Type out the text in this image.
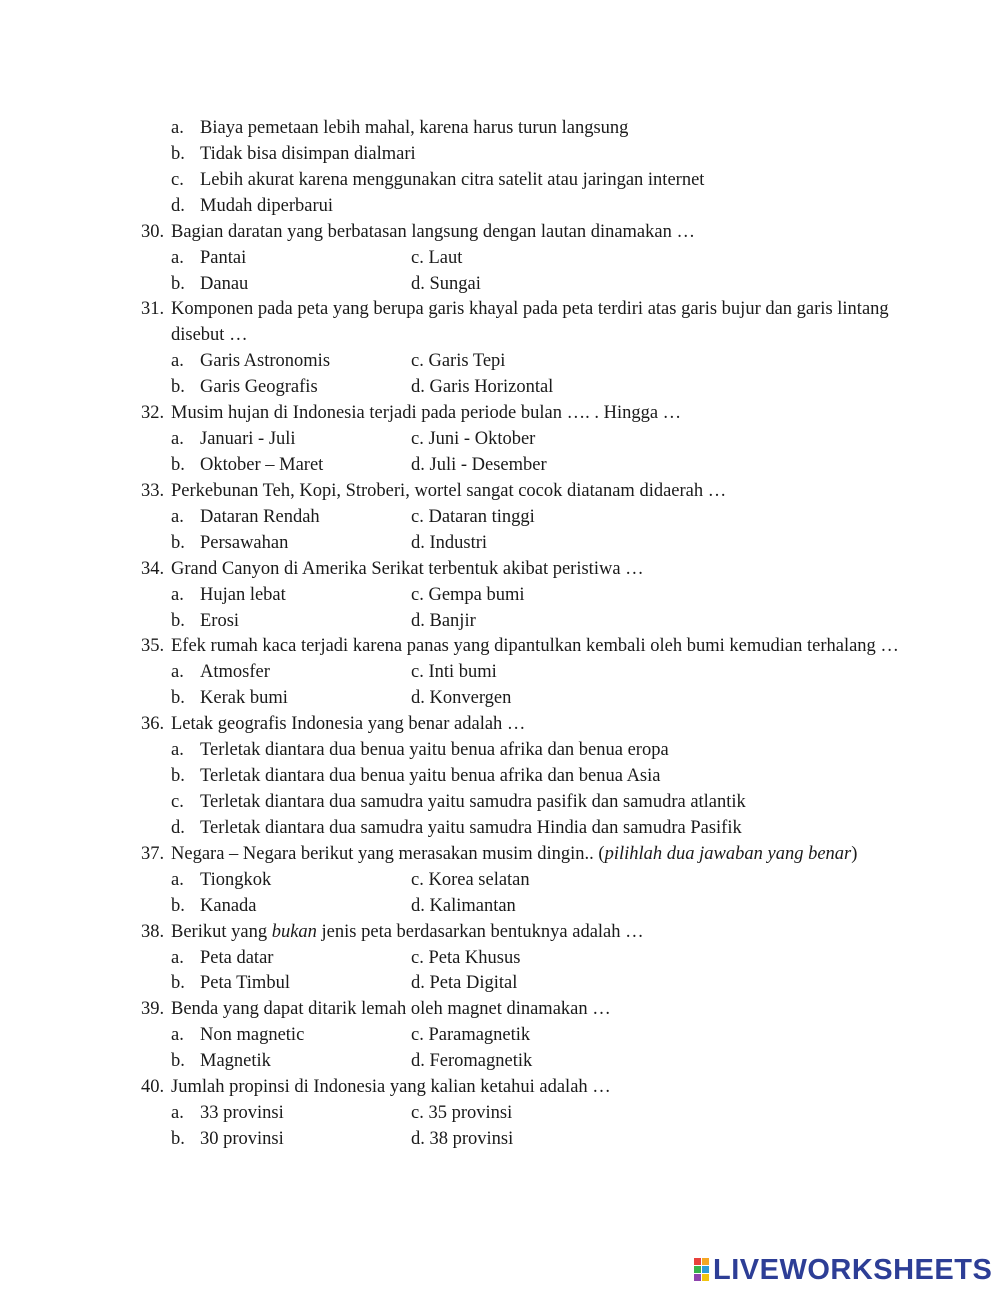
a. Biaya pemetaan lebih mahal, karena harus turun langsung
b. Tidak bisa disimpan dialmari
c. Lebih akurat karena menggunakan citra satelit atau jaringan internet
d. Mudah diperbarui
30. Bagian daratan yang berbatasan langsung dengan lautan dinamakan …
a. Pantai	c. Laut
b. Danau	d. Sungai
31. Komponen pada peta yang berupa garis khayal pada peta terdiri atas garis bujur dan garis lintang
disebut …
a. Garis Astronomis	c. Garis Tepi
b. Garis Geografis	d. Garis Horizontal
32. Musim hujan di Indonesia terjadi pada periode bulan …. . Hingga …
a. Januari - Juli	c. Juni - Oktober
b. Oktober – Maret	d. Juli - Desember
33. Perkebunan Teh, Kopi, Stroberi, wortel sangat cocok diatanam didaerah …
a. Dataran Rendah	c. Dataran tinggi
b. Persawahan	d. Industri
34. Grand Canyon di Amerika Serikat terbentuk akibat peristiwa …
a. Hujan lebat	c. Gempa bumi
b. Erosi	d. Banjir
35. Efek rumah kaca terjadi karena panas yang dipantulkan kembali oleh bumi kemudian terhalang …
a. Atmosfer	c. Inti bumi
b. Kerak bumi	d. Konvergen
36. Letak geografis Indonesia yang benar adalah …
a. Terletak diantara dua benua yaitu benua afrika dan benua eropa
b. Terletak diantara dua benua yaitu benua afrika dan benua Asia
c. Terletak diantara dua samudra yaitu samudra pasifik dan samudra atlantik
d. Terletak diantara dua samudra yaitu samudra Hindia dan samudra Pasifik
37. Negara – Negara berikut yang merasakan musim dingin.. (pilihlah dua jawaban yang benar)
a. Tiongkok	c. Korea selatan
b. Kanada	d. Kalimantan
38. Berikut yang bukan jenis peta berdasarkan bentuknya adalah …
a. Peta datar	c. Peta Khusus
b. Peta Timbul	d. Peta Digital
39. Benda yang dapat ditarik lemah oleh magnet dinamakan …
a. Non magnetic	c. Paramagnetik
b. Magnetik	d. Feromagnetik
40. Jumlah propinsi di Indonesia yang kalian ketahui adalah …
a. 33 provinsi	c. 35 provinsi
b. 30 provinsi	d. 38 provinsi
LIVEWORKSHEETS
